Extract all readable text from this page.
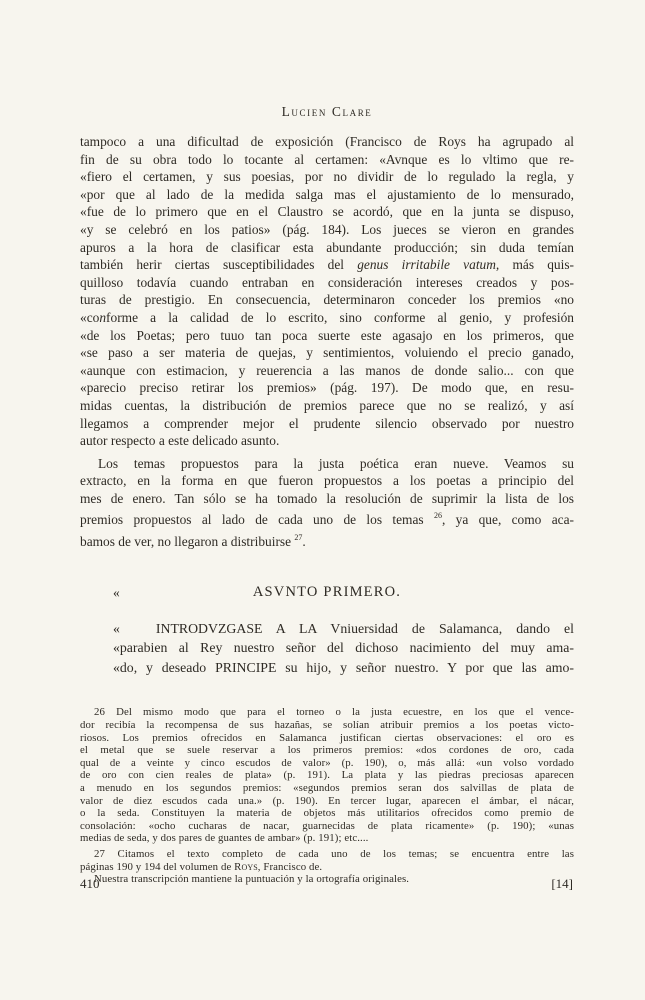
Lucien Clare
tampoco a una dificultad de exposición (Francisco de Roys ha agrupado al
fin de su obra todo lo tocante al certamen: «Avnque es lo vltimo que re-
«fiero el certamen, y sus poesias, por no dividir de lo regulado la regla, y
«por que al lado de la medida salga mas el ajustamiento de lo mensurado,
«fue de lo primero que en el Claustro se acordó, que en la junta se dispuso,
«y se celebró en los patios» (pág. 184). Los jueces se vieron en grandes
apuros a la hora de clasificar esta abundante producción; sin duda temían
también herir ciertas susceptibilidades del genus irritabile vatum, más quis-
quilloso todavía cuando entraban en consideración intereses creados y pos-
turas de prestigio. En consecuencia, determinaron conceder los premios «no
«conforme a la calidad de lo escrito, sino conforme al genio, y profesión
«de los Poetas; pero tuuo tan poca suerte este agasajo en los primeros, que
«se paso a ser materia de quejas, y sentimientos, voluiendo el precio ganado,
«aunque con estimacion, y reuerencia a las manos de donde salio... con que
«parecio preciso retirar los premios» (pág. 197). De modo que, en resu-
midas cuentas, la distribución de premios parece que no se realizó, y así
llegamos a comprender mejor el prudente silencio observado por nuestro
autor respecto a este delicado asunto.
Los temas propuestos para la justa poética eran nueve. Veamos su
extracto, en la forma en que fueron propuestos a los poetas a principio del
mes de enero. Tan sólo se ha tomado la resolución de suprimir la lista de los
premios propuestos al lado de cada uno de los temas $^{26}$, ya que, como aca-
bamos de ver, no llegaron a distribuirse $^{27}$.
«	ASVNTO PRIMERO.
«	INTRODVZGASE A LA Vniuersidad de Salamanca, dando el
«parabien al Rey nuestro señor del dichoso nacimiento del muy ama-
«do, y deseado PRINCIPE su hijo, y señor nuestro. Y por que las amo-
26 Del mismo modo que para el torneo o la justa ecuestre, en los que el vence-
dor recibía la recompensa de sus hazañas, se solían atribuir premios a los poetas victo-
riosos. Los premios ofrecidos en Salamanca justifican ciertas observaciones: el oro es
el metal que se suele reservar a los primeros premios: «dos cordones de oro, cada
qual de a veinte y cinco escudos de valor» (p. 190), o, más allá: «un volso vordado
de oro con cien reales de plata» (p. 191). La plata y las piedras preciosas aparecen
a menudo en los segundos premios: «segundos premios seran dos salvillas de plata de
valor de diez escudos cada una.» (p. 190). En tercer lugar, aparecen el ámbar, el nácar,
o la seda. Constituyen la materia de objetos más utilitarios ofrecidos como premio de
consolación: «ocho cucharas de nacar, guarnecidas de plata ricamente» (p. 190); «unas
medias de seda, y dos pares de guantes de ambar» (p. 191); etc....
27 Citamos el texto completo de cada uno de los temas; se encuentra entre las
páginas 190 y 194 del volumen de Roys, Francisco de.
Nuestra transcripción mantiene la puntuación y la ortografía originales.
410	[14]
